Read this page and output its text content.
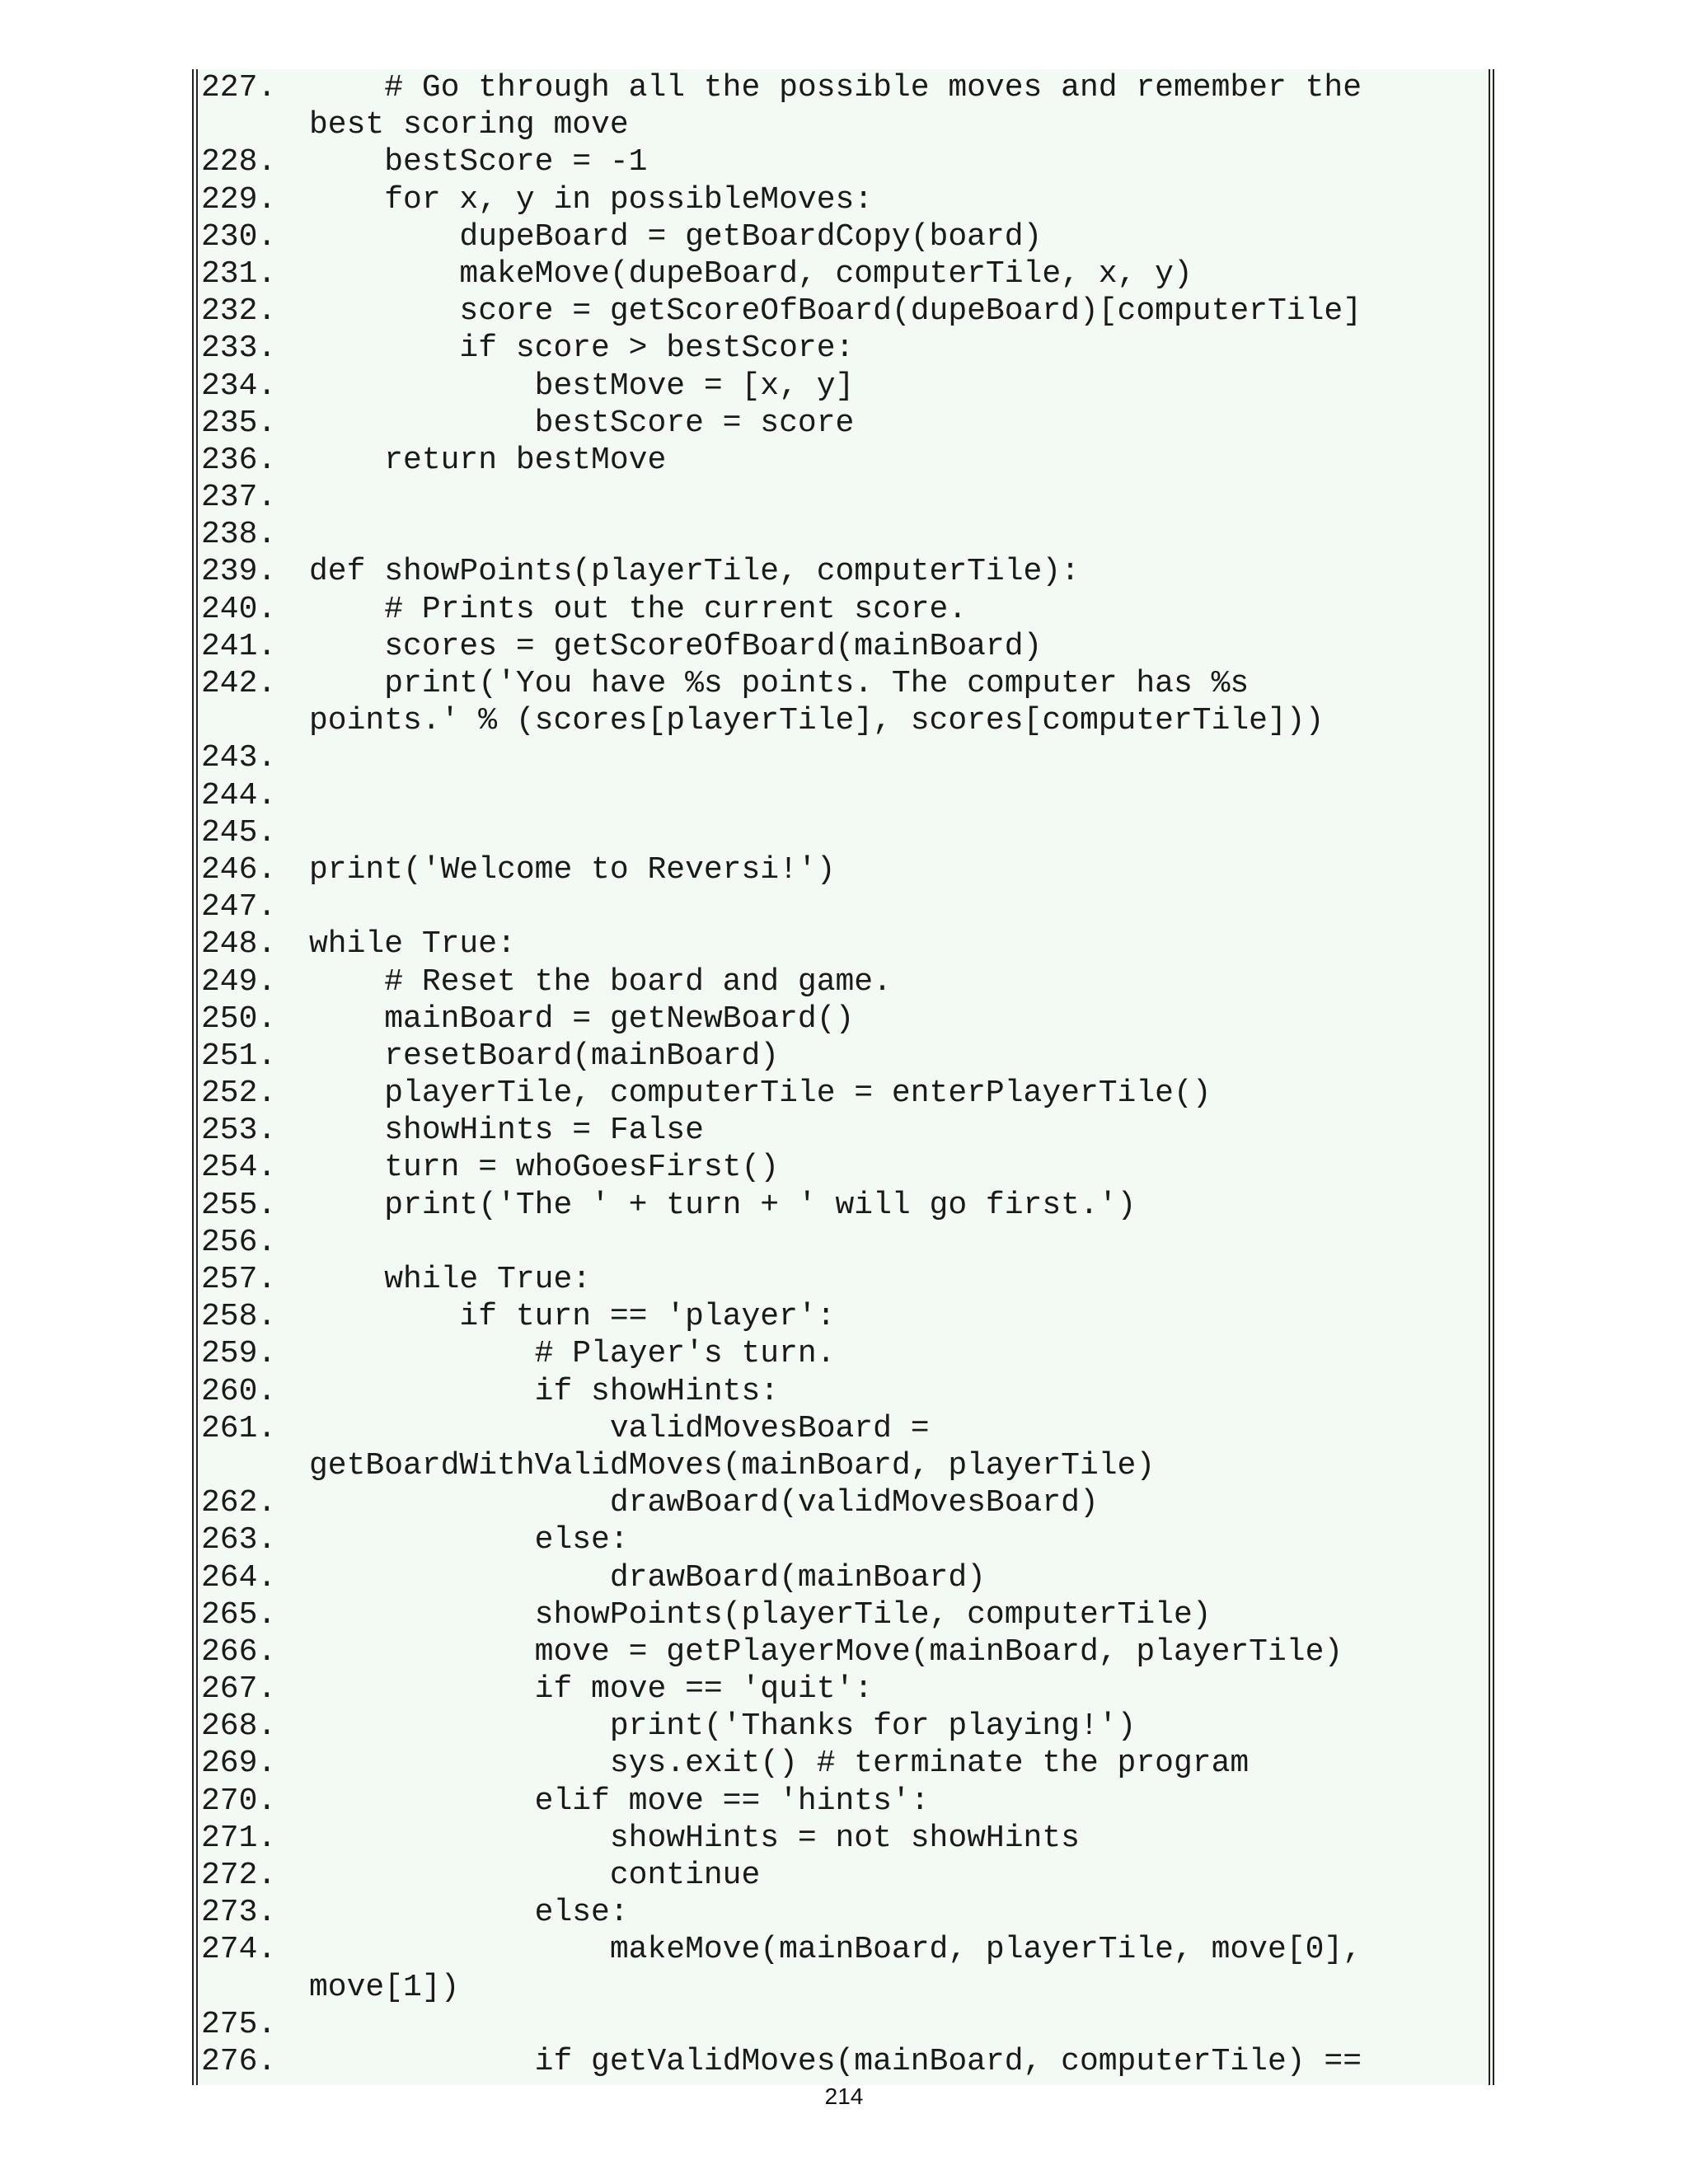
227. # Go through all the possible moves and remember the
best scoring move
228. bestScore = -1
229. for x, y in possibleMoves:
230. dupeBoard = getBoardCopy(board)
231. makeMove(dupeBoard, computerTile, x, y)
232. score = getScoreOfBoard(dupeBoard)[computerTile]
233. if score > bestScore:
234. bestMove = [x, y]
235. bestScore = score
236. return bestMove
237.
238.
239. def showPoints(playerTile, computerTile):
240. # Prints out the current score.
241. scores = getScoreOfBoard(mainBoard)
242. print('You have %s points. The computer has %s
points.' % (scores[playerTile], scores[computerTile]))
243.
244.
245.
246. print('Welcome to Reversi!')
247.
248. while True:
249. # Reset the board and game.
250. mainBoard = getNewBoard()
251. resetBoard(mainBoard)
252. playerTile, computerTile = enterPlayerTile()
253. showHints = False
254. turn = whoGoesFirst()
255. print('The ' + turn + ' will go first.')
256.
257. while True:
258. if turn == 'player':
259. # Player's turn.
260. if showHints:
261. validMovesBoard =
getBoardWithValidMoves(mainBoard, playerTile)
262. drawBoard(validMovesBoard)
263. else:
264. drawBoard(mainBoard)
265. showPoints(playerTile, computerTile)
266. move = getPlayerMove(mainBoard, playerTile)
267. if move == 'quit':
268. print('Thanks for playing!')
269. sys.exit() # terminate the program
270. elif move == 'hints':
271. showHints = not showHints
272. continue
273. else:
274. makeMove(mainBoard, playerTile, move[0],
move[1])
275.
276. if getValidMoves(mainBoard, computerTile) ==
214
